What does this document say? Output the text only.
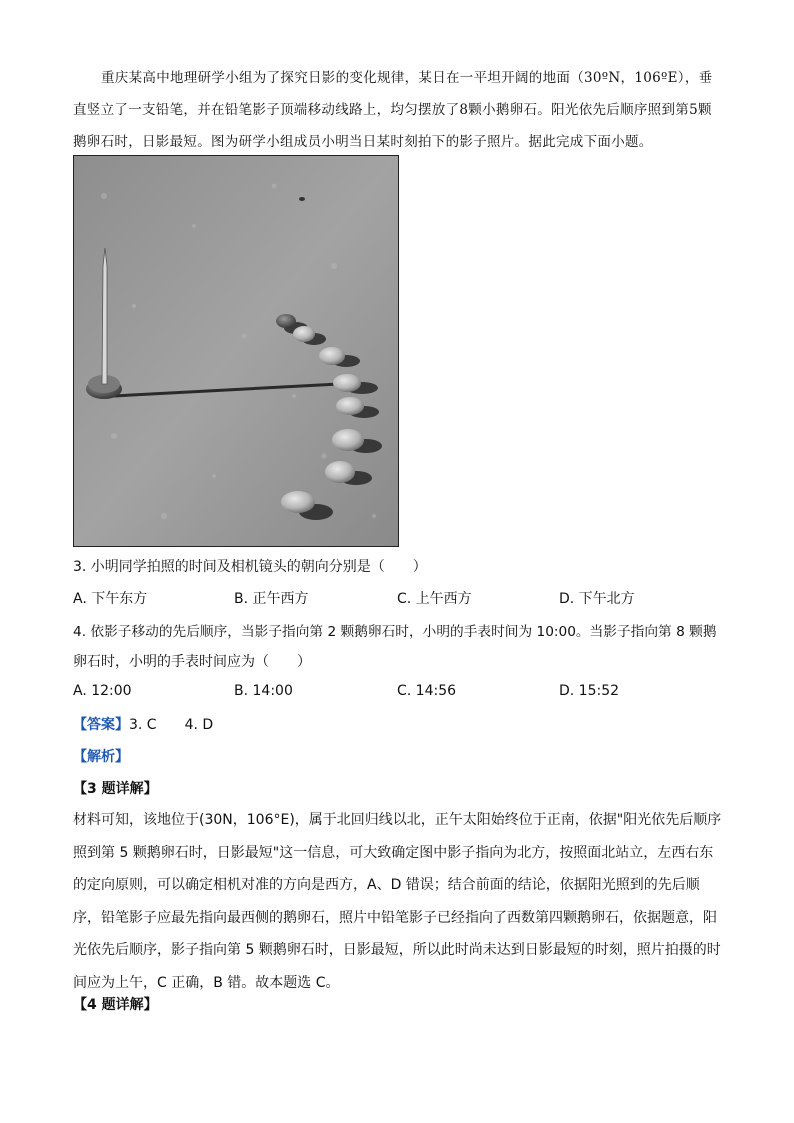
重庆某高中地理研学小组为了探究日影的变化规律，某日在一平坦开阔的地面（30ºN，106ºE），垂直竖立了一支铅笔，并在铅笔影子顶端移动线路上，均匀摆放了8颗小鹅卵石。阳光依先后顺序照到第5颗鹅卵石时，日影最短。图为研学小组成员小明当日某时刻拍下的影子照片。据此完成下面小题。
3. 小明同学拍照的时间及相机镜头的朝向分别是（　　）
A. 下午东方	B. 正午西方	C. 上午西方	D. 下午北方
4. 依影子移动的先后顺序，当影子指向第 2 颗鹅卵石时，小明的手表时间为 10:00。当影子指向第 8 颗鹅
卵石时，小明的手表时间应为（　　）
A. 12:00	B. 14:00	C. 14:56	D. 15:52
【答案】3. C　　4. D
【解析】
【3 题详解】
材料可知，该地位于(30N，106°E)，属于北回归线以北，正午太阳始终位于正南，依据"阳光依先后顺序照到第 5 颗鹅卵石时，日影最短"这一信息，可大致确定图中影子指向为北方，按照面北站立，左西右东的定向原则，可以确定相机对准的方向是西方，A、D 错误；结合前面的结论，依据阳光照到的先后顺序，铅笔影子应最先指向最西侧的鹅卵石，照片中铅笔影子已经指向了西数第四颗鹅卵石，依据题意，阳光依先后顺序，影子指向第 5 颗鹅卵石时，日影最短，所以此时尚未达到日影最短的时刻，照片拍摄的时间应为上午，C 正确，B 错。故本题选 C。
【4 题详解】
